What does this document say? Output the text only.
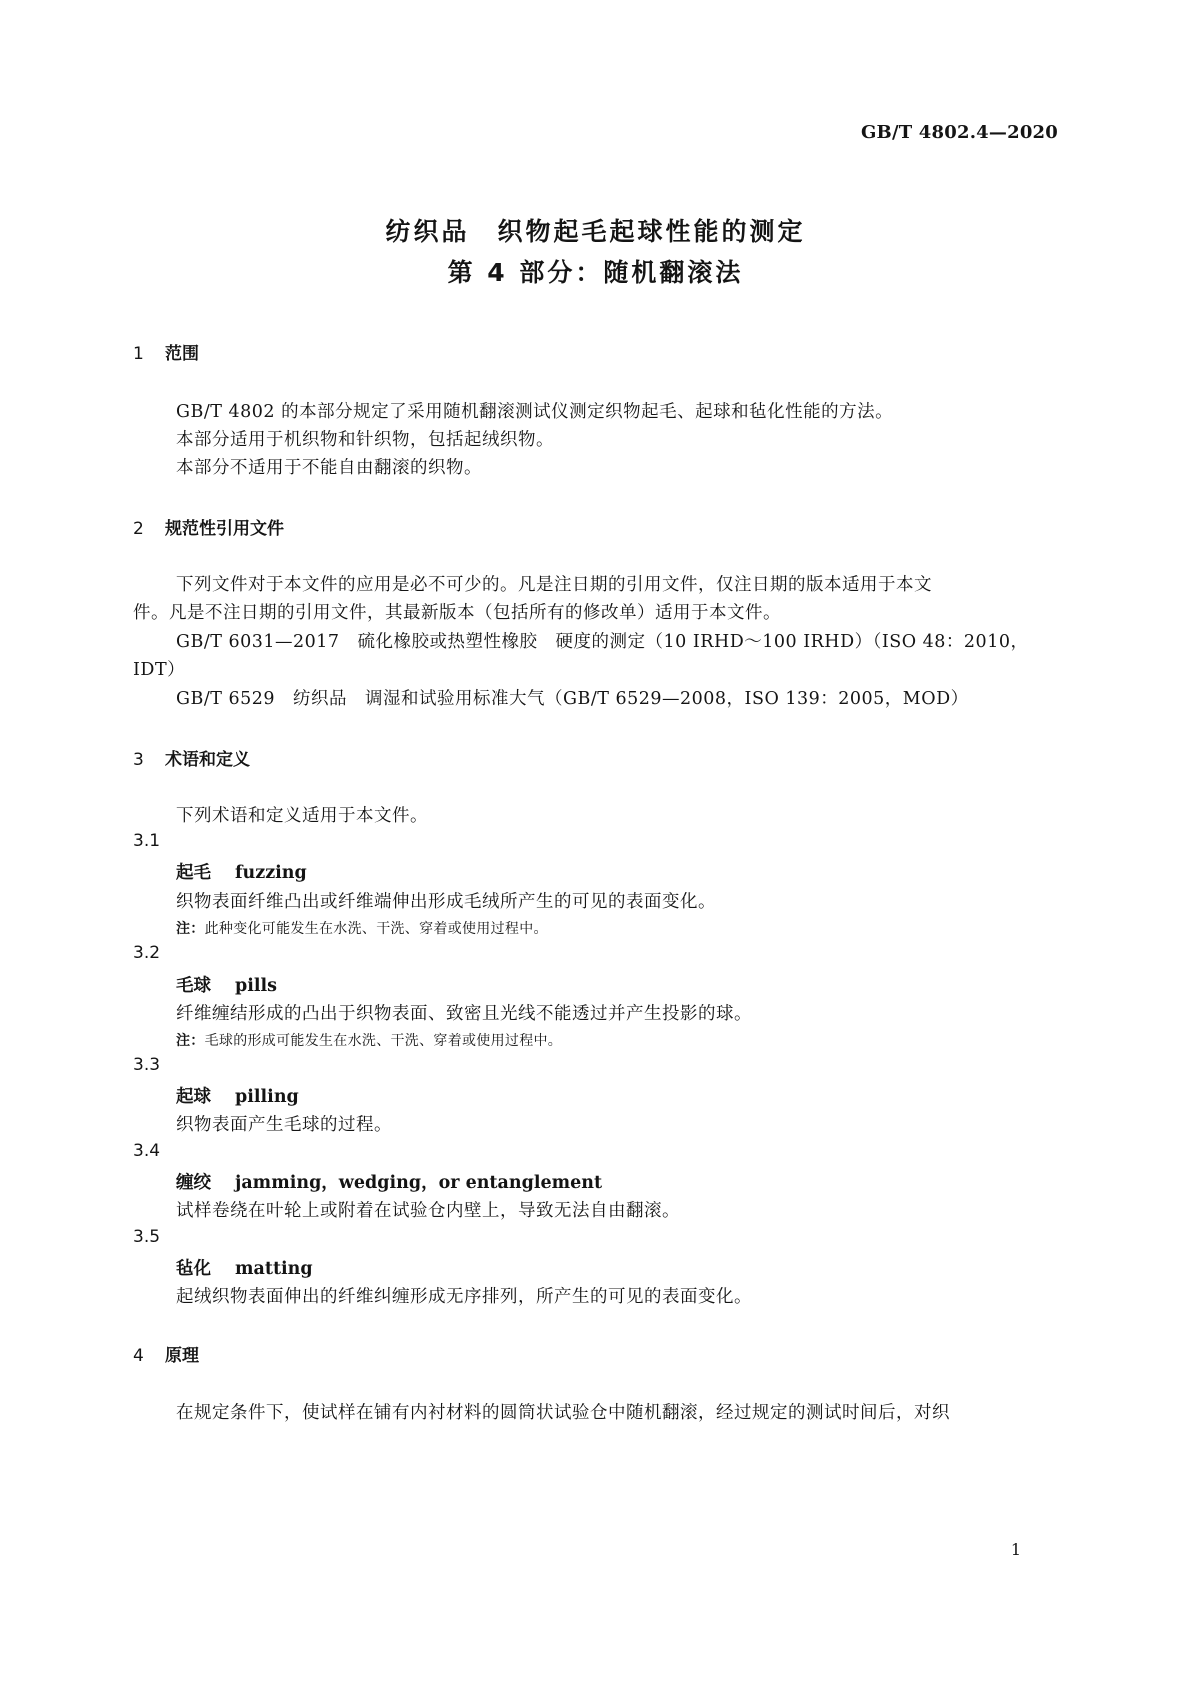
GB/T 4802.4—2020
纺织品　织物起毛起球性能的测定
第 4 部分：随机翻滚法
1 范围
GB/T 4802 的本部分规定了采用随机翻滚测试仪测定织物起毛、起球和毡化性能的方法。
本部分适用于机织物和针织物，包括起绒织物。
本部分不适用于不能自由翻滚的织物。
2 规范性引用文件
下列文件对于本文件的应用是必不可少的。凡是注日期的引用文件，仅注日期的版本适用于本文
件。凡是不注日期的引用文件，其最新版本（包括所有的修改单）适用于本文件。
GB/T 6031—2017　硫化橡胶或热塑性橡胶　硬度的测定（10 IRHD～100 IRHD）（ISO 48：2010，
IDT）
GB/T 6529　纺织品　调湿和试验用标准大气（GB/T 6529—2008，ISO 139：2005，MOD）
3 术语和定义
下列术语和定义适用于本文件。
3.1
起毛 fuzzing
织物表面纤维凸出或纤维端伸出形成毛绒所产生的可见的表面变化。
注：此种变化可能发生在水洗、干洗、穿着或使用过程中。
3.2
毛球 pills
纤维缠结形成的凸出于织物表面、致密且光线不能透过并产生投影的球。
注：毛球的形成可能发生在水洗、干洗、穿着或使用过程中。
3.3
起球 pilling
织物表面产生毛球的过程。
3.4
缠绞 jamming，wedging，or entanglement
试样卷绕在叶轮上或附着在试验仓内壁上，导致无法自由翻滚。
3.5
毡化 matting
起绒织物表面伸出的纤维纠缠形成无序排列，所产生的可见的表面变化。
4 原理
在规定条件下，使试样在铺有内衬材料的圆筒状试验仓中随机翻滚，经过规定的测试时间后，对织
1
